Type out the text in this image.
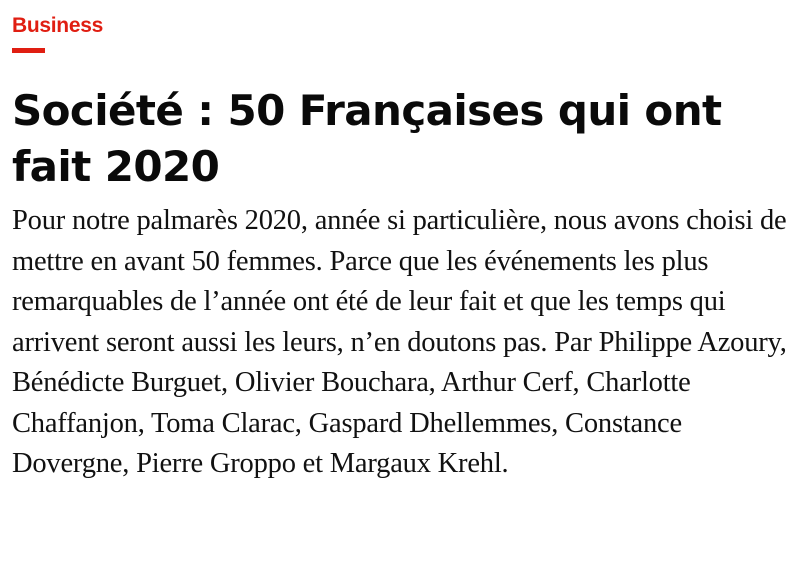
Business
Société : 50 Françaises qui ont fait 2020

Pour notre palmarès 2020, année si particulière, nous avons choisi de mettre en avant 50 femmes. Parce que les événements les plus remarquables de l’année ont été de leur fait et que les temps qui arrivent seront aussi les leurs, n’en doutons pas. Par Philippe Azoury, Bénédicte Burguet, Olivier Bouchara, Arthur Cerf, Charlotte Chaffanjon, Toma Clarac, Gaspard Dhellemmes, Constance Dovergne, Pierre Groppo et Margaux Krehl.
